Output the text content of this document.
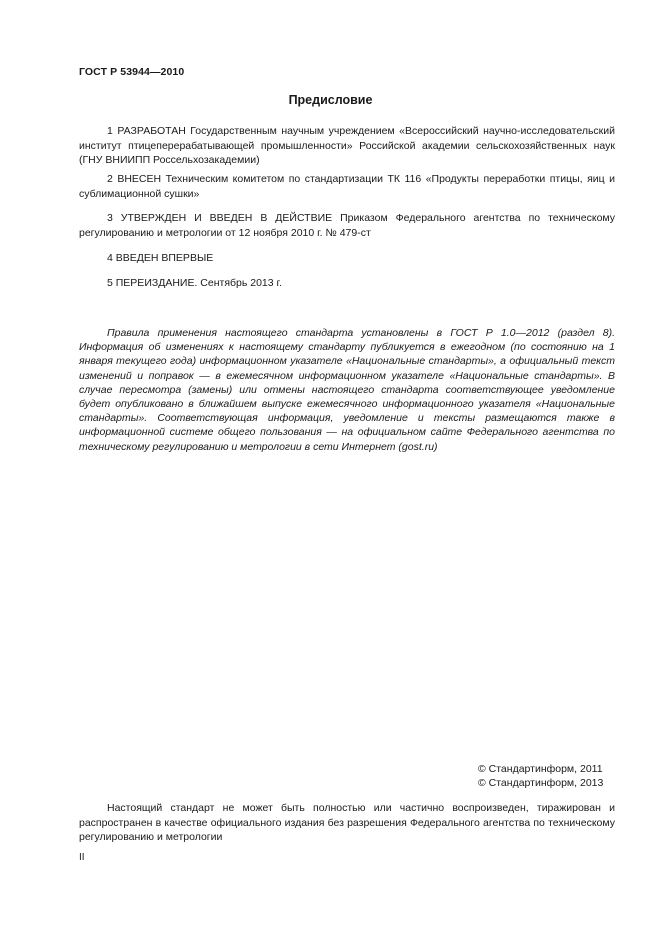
ГОСТ Р 53944—2010
Предисловие

1 РАЗРАБОТАН Государственным научным учреждением «Всероссийский научно-исследовательский институт птицеперерабатывающей промышленности» Российской академии сельскохозяйственных наук (ГНУ ВНИИПП Россельхозакадемии)

2 ВНЕСЕН Техническим комитетом по стандартизации ТК 116 «Продукты переработки птицы, яиц и сублимационной сушки»

3 УТВЕРЖДЕН И ВВЕДЕН В ДЕЙСТВИЕ Приказом Федерального агентства по техническому регулированию и метрологии от 12 ноября 2010 г. № 479-ст

4 ВВЕДЕН ВПЕРВЫЕ

5 ПЕРЕИЗДАНИЕ. Сентябрь 2013 г.

Правила применения настоящего стандарта установлены в ГОСТ Р 1.0—2012 (раздел 8). Информация об изменениях к настоящему стандарту публикуется в ежегодном (по состоянию на 1 января текущего года) информационном указателе «Национальные стандарты», а официальный текст изменений и поправок — в ежемесячном информационном указателе «Национальные стандарты». В случае пересмотра (замены) или отмены настоящего стандарта соответствующее уведомление будет опубликовано в ближайшем выпуске ежемесячного информационного указателя «Национальные стандарты». Соответствующая информация, уведомление и тексты размещаются также в информационной системе общего пользования — на официальном сайте Федерального агентства по техническому регулированию и метрологии в сети Интернет (gost.ru)

© Стандартинформ, 2011
© Стандартинформ, 2013

Настоящий стандарт не может быть полностью или частично воспроизведен, тиражирован и распространен в качестве официального издания без разрешения Федерального агентства по техническому регулированию и метрологии

II
